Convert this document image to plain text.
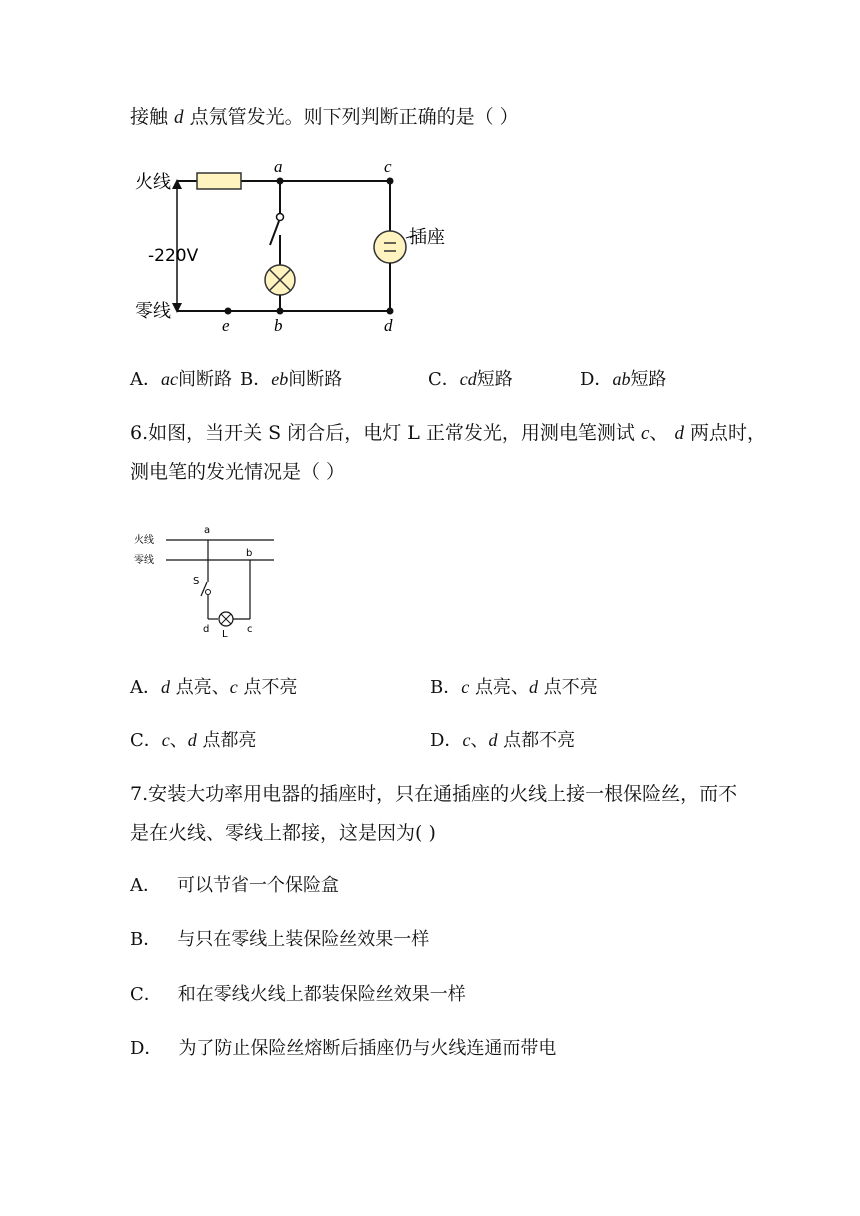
接触 d 点氖管发光。则下列判断正确的是（ ）
火线
零线
-220V
插座
a	c
e	b	d
A．ac间断路 B．eb间断路	C．cd短路	D．ab短路
6.如图，当开关 S 闭合后，电灯 L 正常发光，用测电笔测试 c、 d 两点时，
测电笔的发光情况是（ ）
火线
零线
a
b
S
d L c
A．d 点亮、c 点不亮	B．c 点亮、d 点不亮
C．c、d 点都亮	D．c、d 点都不亮
7.安装大功率用电器的插座时，只在通插座的火线上接一根保险丝，而不
是在火线、零线上都接，这是因为( )
A． 可以节省一个保险盒
B． 与只在零线上装保险丝效果一样
C． 和在零线火线上都装保险丝效果一样
D． 为了防止保险丝熔断后插座仍与火线连通而带电
